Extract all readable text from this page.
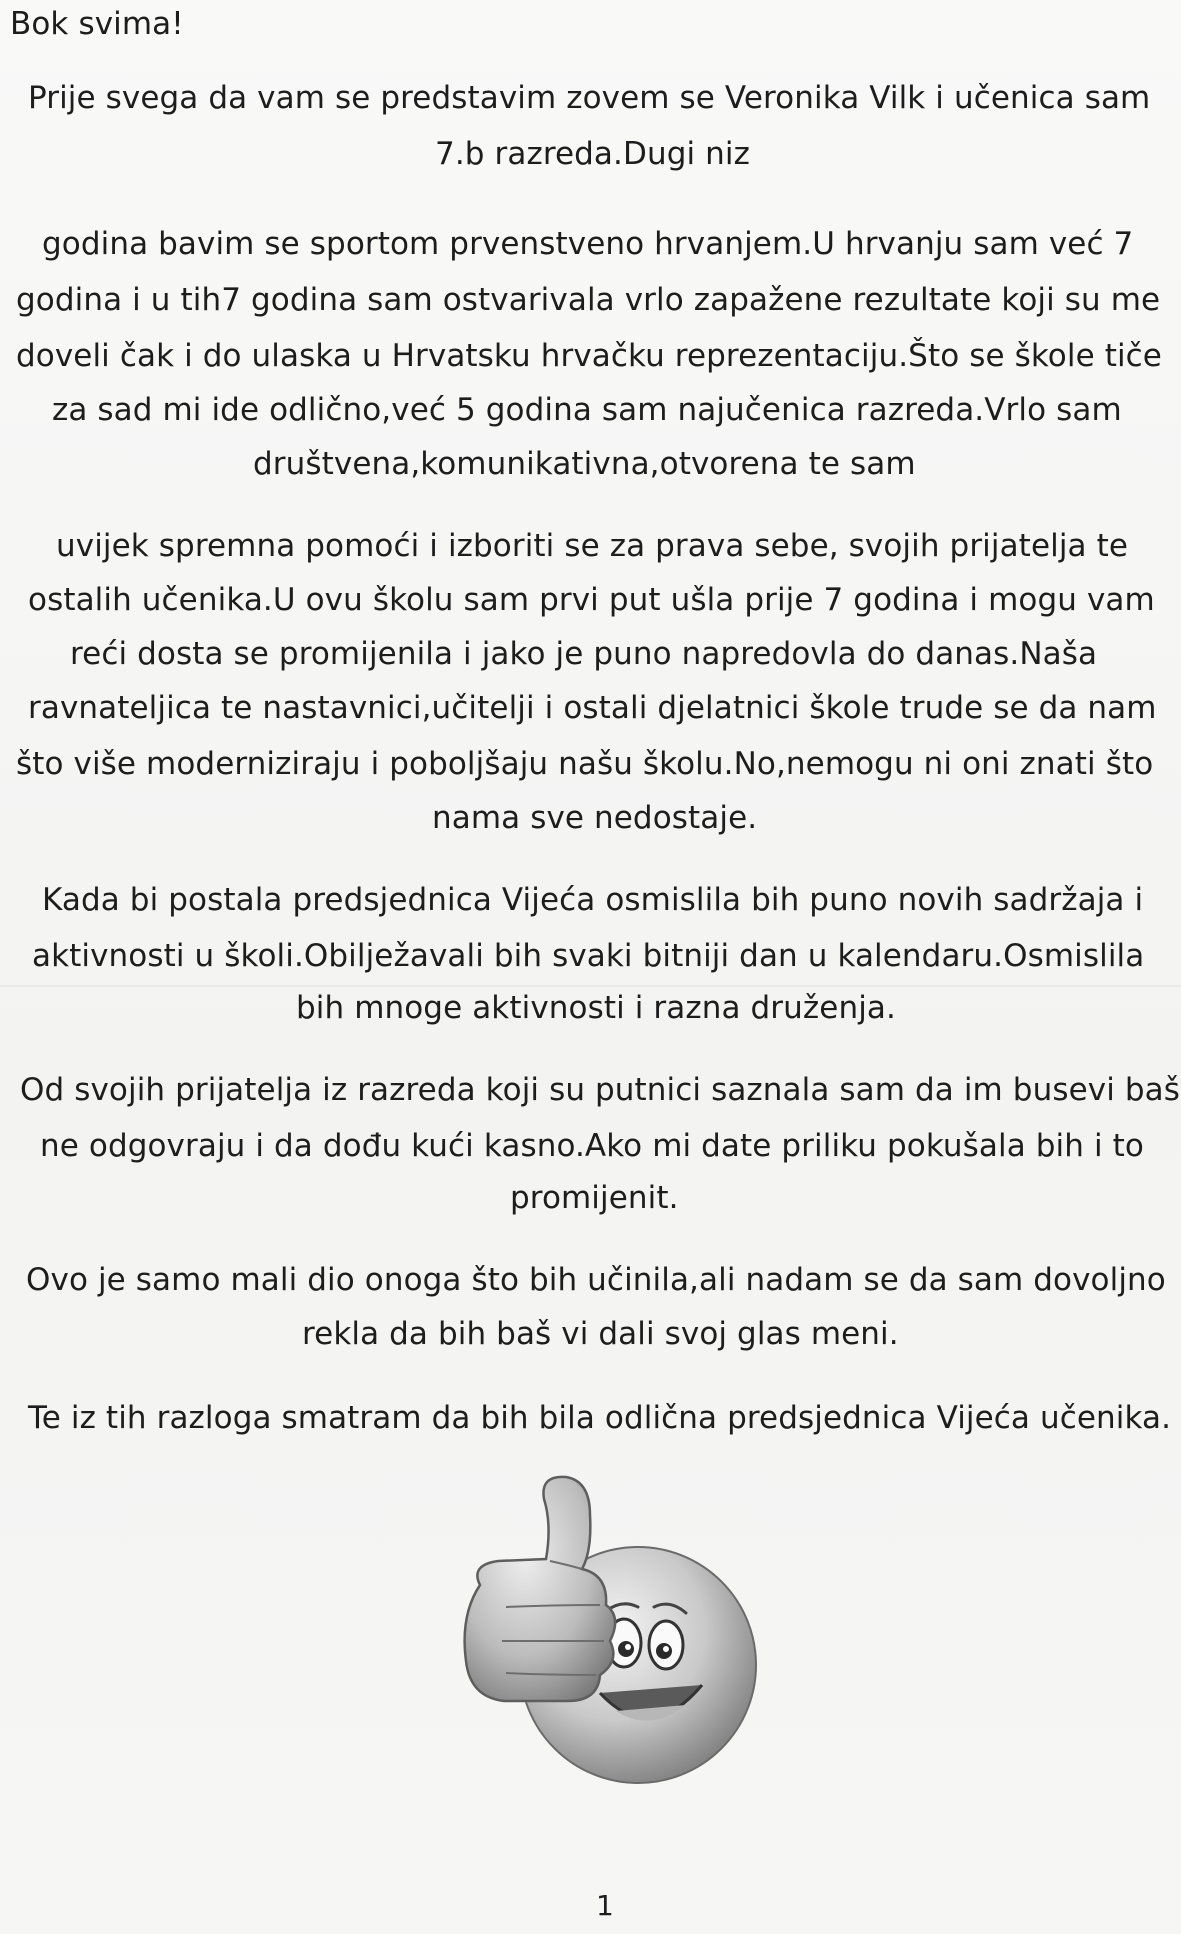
Bok svima!
Prije svega da vam se predstavim zovem se Veronika Vilk i učenica sam
7.b razreda.Dugi niz
godina bavim se sportom prvenstveno hrvanjem.U hrvanju sam već 7
godina i u tih7 godina sam ostvarivala vrlo zapažene rezultate koji su me
doveli čak i do ulaska u Hrvatsku hrvačku reprezentaciju.Što se škole tiče
za sad mi ide odlično,već 5 godina sam najučenica razreda.Vrlo sam
društvena,komunikativna,otvorena te sam
uvijek spremna pomoći i izboriti se za prava sebe, svojih prijatelja te
ostalih učenika.U ovu školu sam prvi put ušla prije 7 godina i mogu vam
reći dosta se promijenila i jako je puno napredovla do danas.Naša
ravnateljica te nastavnici,učitelji i ostali djelatnici škole trude se da nam
što više moderniziraju i poboljšaju našu školu.No,nemogu ni oni znati što
nama sve nedostaje.
Kada bi postala predsjednica Vijeća osmislila bih puno novih sadržaja i
aktivnosti u školi.Obilježavali bih svaki bitniji dan u kalendaru.Osmislila
bih mnoge aktivnosti i razna druženja.
Od svojih prijatelja iz razreda koji su putnici saznala sam da im busevi baš
ne odgovraju i da dođu kući kasno.Ako mi date priliku pokušala bih i to
promijenit.
Ovo je samo mali dio onoga što bih učinila,ali nadam se da sam dovoljno
rekla da bih baš vi dali svoj glas meni.
Te iz tih razloga smatram da bih bila odlična predsjednica Vijeća učenika.
1
